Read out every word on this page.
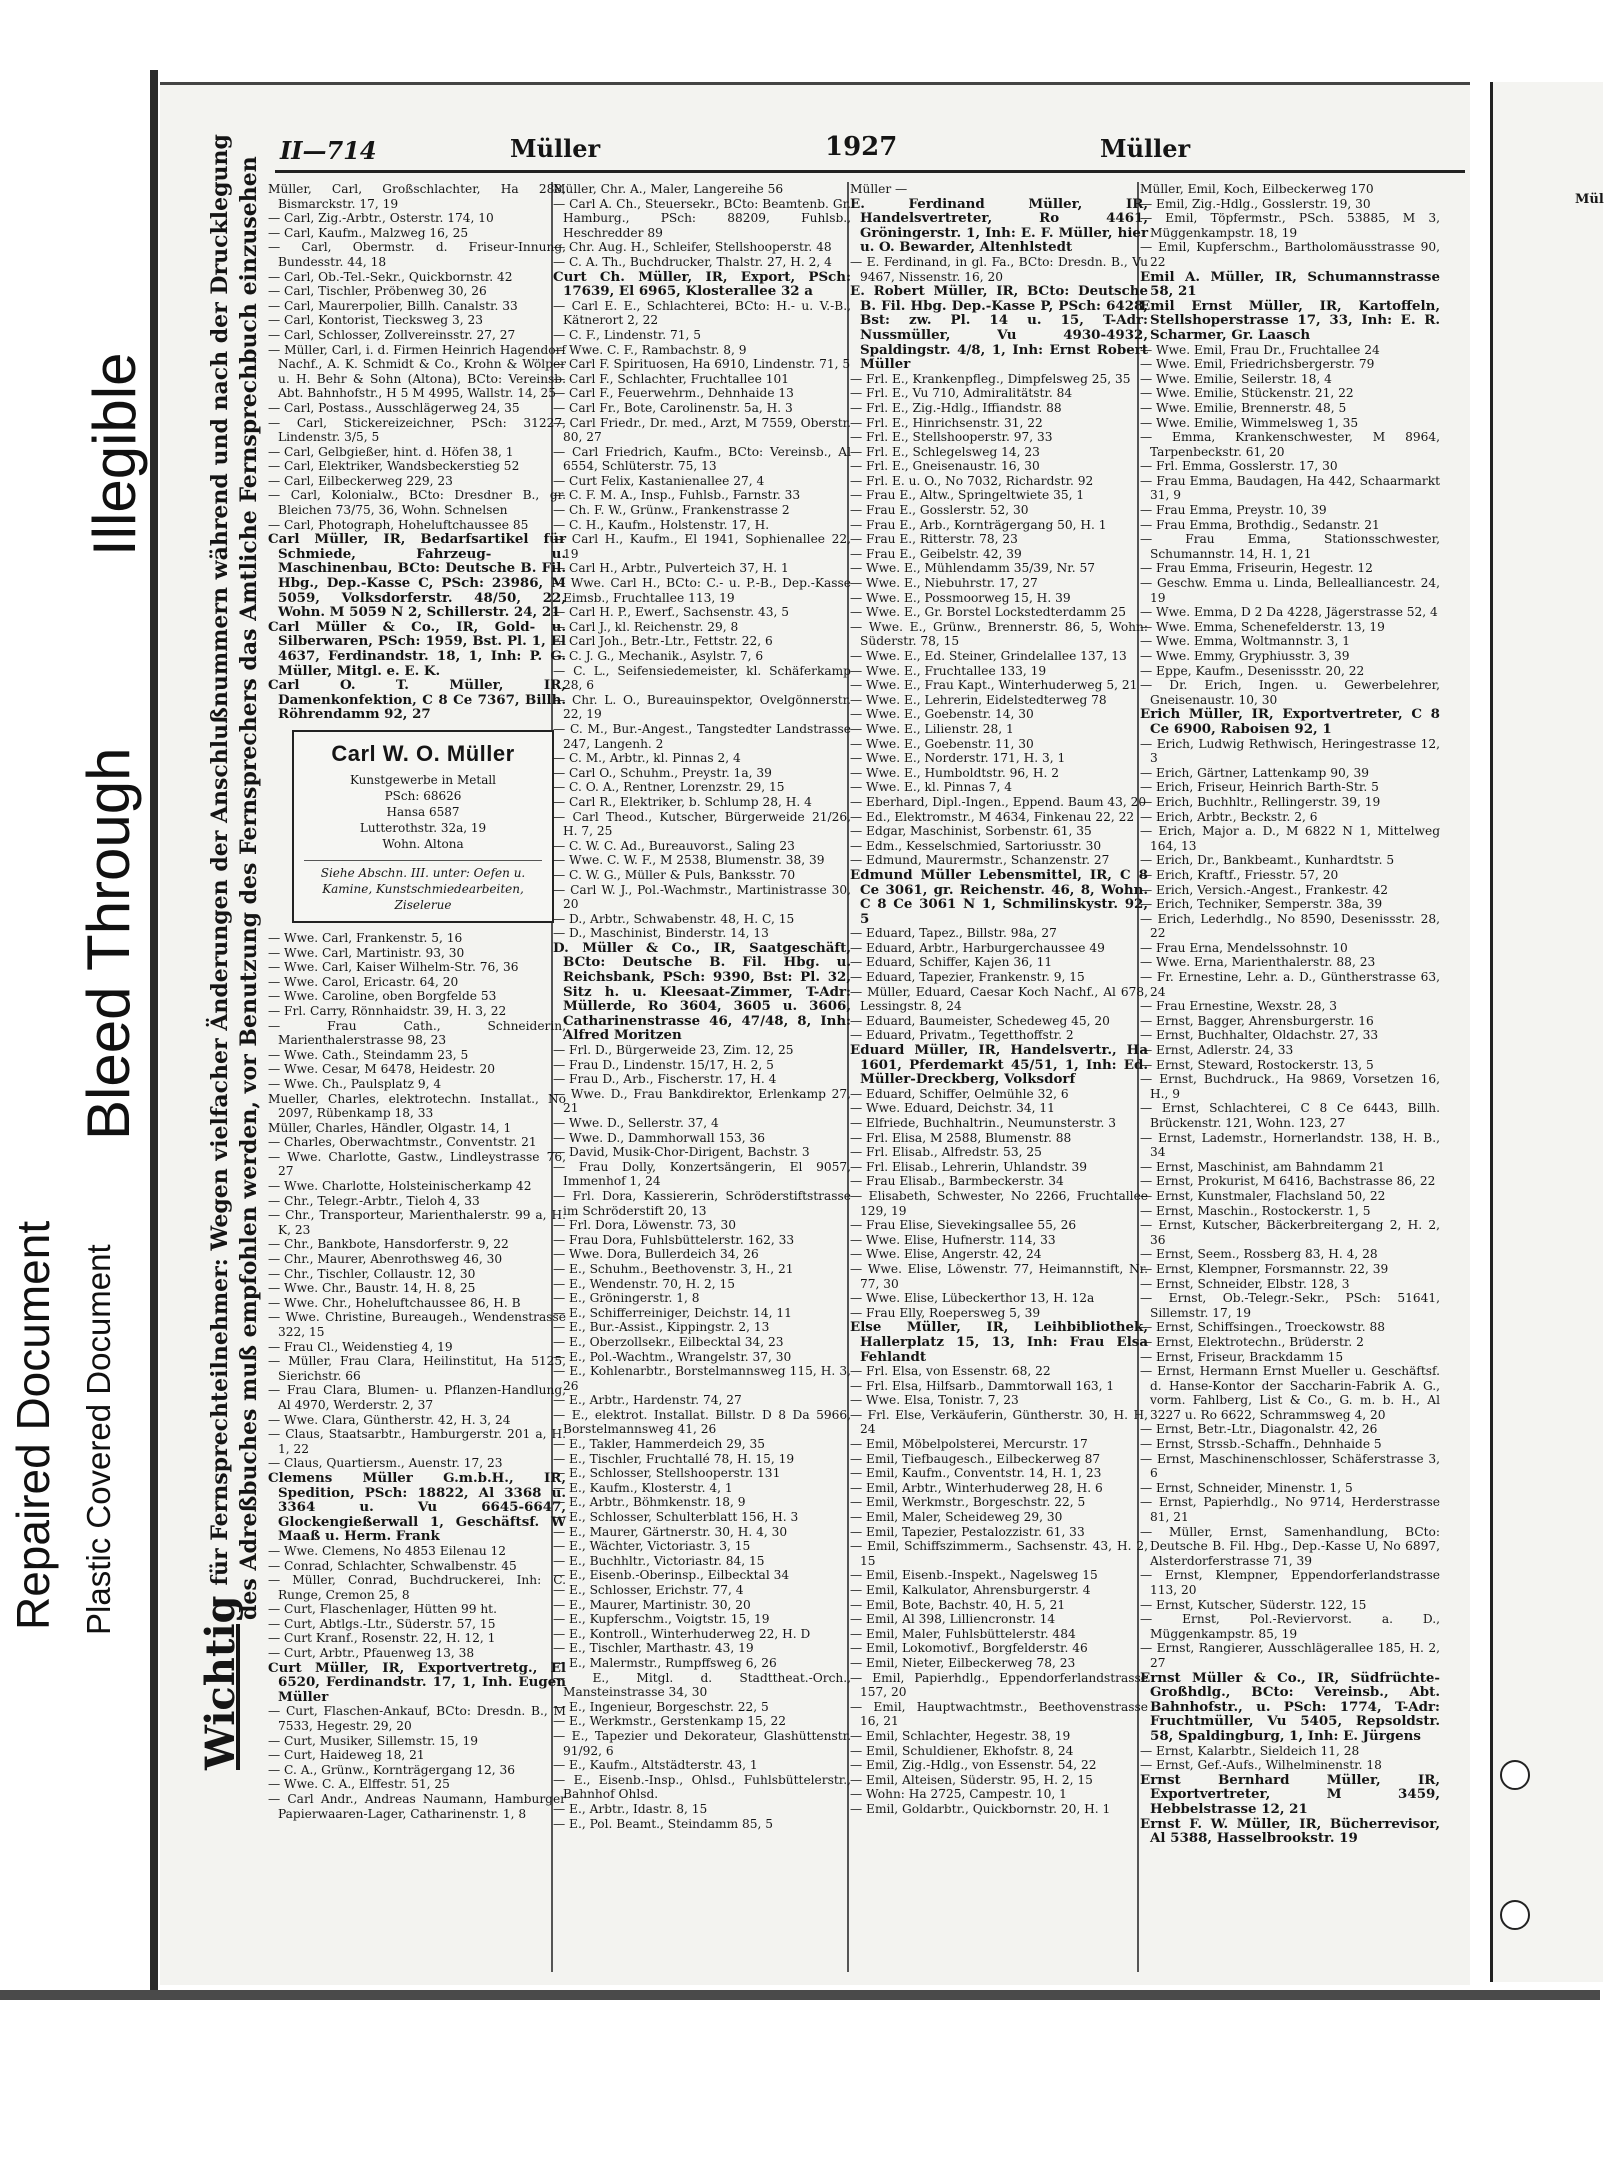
Repaired Document Plastic Covered Document
Bleed Through
Illegible
Mül
II—714	Müller	1927	Müller
Wichtigfür Fernsprechteilnehmer: Wegen vielfacher Änderungen der Anschlußnummern während und nach der Drucklegung des Adreßbuches muß empfohlen werden, vor Benutzung des Fernsprechers das Amtliche Fernsprechbuch einzusehen Müller, Carl, Großschlachter, Ha 288, Bismarckstr. 17, 19

— Carl, Zig.-Arbtr., Osterstr. 174, 10

— Carl, Kaufm., Malzweg 16, 25

— Carl, Obermstr. d. Friseur-Innung, Bundesstr. 44, 18

— Carl, Ob.-Tel.-Sekr., Quickbornstr. 42

— Carl, Tischler, Pröbenweg 30, 26

— Carl, Maurerpolier, Billh. Canalstr. 33

— Carl, Kontorist, Tiecksweg 3, 23

— Carl, Schlosser, Zollvereinsstr. 27, 27

— Müller, Carl, i. d. Firmen Heinrich Hagendorf Nachf., A. K. Schmidt & Co., Krohn & Wölper u. H. Behr & Sohn (Altona), BCto: Vereinsb. Abt. Bahnhofstr., H 5 M 4995, Wallstr. 14, 25

— Carl, Postass., Ausschlägerweg 24, 35

— Carl, Stickereizeichner, PSch: 31227, Lindenstr. 3/5, 5

— Carl, Gelbgießer, hint. d. Höfen 38, 1

— Carl, Elektriker, Wandsbeckerstieg 52

— Carl, Eilbeckerweg 229, 23

— Carl, Kolonialw., BCto: Dresdner B., gr. Bleichen 73/75, 36, Wohn. Schnelsen

— Carl, Photograph, Hoheluftchaussee 85

Carl Müller, IR, Bedarfsartikel für Schmiede, Fahrzeug- u. Maschinenbau, BCto: Deutsche B. Fil. Hbg., Dep.-Kasse C, PSch: 23986, M 5059, Volksdorferstr. 48/50, 22, Wohn. M 5059 N 2, Schillerstr. 24, 21

Carl Müller & Co., IR, Gold- u. Silberwaren, PSch: 1959, Bst. Pl. 1, El 4637, Ferdinandstr. 18, 1, Inh: P. G. Müller, Mitgl. e. E. K.

Carl O. T. Müller, IR, Damenkonfektion, C 8 Ce 7367, Billh. Röhrendamm 92, 27

Carl W. O. Müller
Kunstgewerbe in Metall
PSch: 68626
Hansa 6587
Lutterothstr. 32a, 19
Wohn. Altona
Siehe Abschn. III. unter: Oefen u. Kamine, Kunstschmiedearbeiten, Ziselerue

— Wwe. Carl, Frankenstr. 5, 16

— Wwe. Carl, Martinistr. 93, 30

— Wwe. Carl, Kaiser Wilhelm-Str. 76, 36

— Wwe. Carol, Ericastr. 64, 20

— Wwe. Caroline, oben Borgfelde 53

— Frl. Carry, Rönnhaidstr. 39, H. 3, 22

— Frau Cath., Schneiderin, Marienthalerstrasse 98, 23

— Wwe. Cath., Steindamm 23, 5

— Wwe. Cesar, M 6478, Heidestr. 20

— Wwe. Ch., Paulsplatz 9, 4

Mueller, Charles, elektrotechn. Installat., No 2097, Rübenkamp 18, 33

Müller, Charles, Händler, Olgastr. 14, 1

— Charles, Oberwachtmstr., Conventstr. 21

— Wwe. Charlotte, Gastw., Lindleystrasse 76, 27

— Wwe. Charlotte, Holsteinischerkamp 42

— Chr., Telegr.-Arbtr., Tieloh 4, 33

— Chr., Transporteur, Marienthalerstr. 99 a, H. K, 23

— Chr., Bankbote, Hansdorferstr. 9, 22

— Chr., Maurer, Abenrothsweg 46, 30

— Chr., Tischler, Collaustr. 12, 30

— Wwe. Chr., Baustr. 14, H. 8, 25

— Wwe. Chr., Hoheluftchaussee 86, H. B

— Wwe. Christine, Bureaugeh., Wendenstrasse 322, 15

— Frau Cl., Weidenstieg 4, 19

— Müller, Frau Clara, Heilinstitut, Ha 5125, Sierichstr. 66

— Frau Clara, Blumen- u. Pflanzen-Handlung, Al 4970, Werderstr. 2, 37

— Wwe. Clara, Güntherstr. 42, H. 3, 24

— Claus, Staatsarbtr., Hamburgerstr. 201 a, H. 1, 22

— Claus, Quartiersm., Auenstr. 17, 23

Clemens Müller G.m.b.H., IR, Spedition, PSch: 18822, Al 3368 u. 3364 u. Vu 6645-6647, Glockengießerwall 1, Geschäftsf. W Maaß u. Herm. Frank

— Wwe. Clemens, No 4853 Eilenau 12

— Conrad, Schlachter, Schwalbenstr. 45

— Müller, Conrad, Buchdruckerei, Inh: C. Runge, Cremon 25, 8

— Curt, Flaschenlager, Hütten 99 ht.

— Curt, Abtlgs.-Ltr., Süderstr. 57, 15

— Curt Kranf., Rosenstr. 22, H. 12, 1

— Curt, Arbtr., Pfauenweg 13, 38

Curt Müller, IR, Exportvertretg., El 6520, Ferdinandstr. 17, 1, Inh. Eugen Müller

— Curt, Flaschen-Ankauf, BCto: Dresdn. B., M 7533, Hegestr. 29, 20

— Curt, Musiker, Sillemstr. 15, 19

— Curt, Haideweg 18, 21

— C. A., Grünw., Kornträgergang 12, 36

— Wwe. C. A., Elffestr. 51, 25

— Carl Andr., Andreas Naumann, Hamburger Papierwaaren-Lager, Catharinenstr. 1, 8

Müller, Chr. A., Maler, Langereihe 56

— Carl A. Ch., Steuersekr., BCto: Beamtenb. Gr. Hamburg., PSch: 88209, Fuhlsb., Heschredder 89

— Chr. Aug. H., Schleifer, Stellshooperstr. 48

— C. A. Th., Buchdrucker, Thalstr. 27, H. 2, 4

Curt Ch. Müller, IR, Export, PSch: 17639, El 6965, Klosterallee 32 a

— Carl E. E., Schlachterei, BCto: H.- u. V.-B., Kätnerort 2, 22

— C. F., Lindenstr. 71, 5

— Wwe. C. F., Rambachstr. 8, 9

— Carl F. Spirituosen, Ha 6910, Lindenstr. 71, 5

— Carl F., Schlachter, Fruchtallee 101

— Carl F., Feuerwehrm., Dehnhaide 13

— Carl Fr., Bote, Carolinenstr. 5a, H. 3

— Carl Friedr., Dr. med., Arzt, M 7559, Oberstr. 80, 27

— Carl Friedrich, Kaufm., BCto: Vereinsb., Al 6554, Schlüterstr. 75, 13

— Curt Felix, Kastanienallee 27, 4

— C. F. M. A., Insp., Fuhlsb., Farnstr. 33

— Ch. F. W., Grünw., Frankenstrasse 2

— C. H., Kaufm., Holstenstr. 17, H.

— Carl H., Kaufm., El 1941, Sophienallee 22, 19

— Carl H., Arbtr., Pulverteich 37, H. 1

— Wwe. Carl H., BCto: C.- u. P.-B., Dep.-Kasse Eimsb., Fruchtallee 113, 19

— Carl H. P., Ewerf., Sachsenstr. 43, 5

— Carl J., kl. Reichenstr. 29, 8

— Carl Joh., Betr.-Ltr., Fettstr. 22, 6

— C. J. G., Mechanik., Asylstr. 7, 6

— C. L., Seifensiedemeister, kl. Schäferkamp 28, 6

— Chr. L. O., Bureauinspektor, Ovelgönnerstr. 22, 19

— C. M., Bur.-Angest., Tangstedter Landstrasse 247, Langenh. 2

— C. M., Arbtr., kl. Pinnas 2, 4

— Carl O., Schuhm., Preystr. 1a, 39

— C. O. A., Rentner, Lorenzstr. 29, 15

— Carl R., Elektriker, b. Schlump 28, H. 4

— Carl Theod., Kutscher, Bürgerweide 21/26, H. 7, 25

— C. W. C. Ad., Bureauvorst., Saling 23

— Wwe. C. W. F., M 2538, Blumenstr. 38, 39

— C. W. G., Müller & Puls, Banksstr. 70

— Carl W. J., Pol.-Wachmstr., Martinistrasse 30, 20

— D., Arbtr., Schwabenstr. 48, H. C, 15

— D., Maschinist, Binderstr. 14, 13

D. Müller & Co., IR, Saatgeschäft, BCto: Deutsche B. Fil. Hbg. u. Reichsbank, PSch: 9390, Bst: Pl. 32, Sitz h. u. Kleesaat-Zimmer, T-Adr: Müllerde, Ro 3604, 3605 u. 3606, Catharinenstrasse 46, 47/48, 8, Inh: Alfred Moritzen

— Frl. D., Bürgerweide 23, Zim. 12, 25

— Frau D., Lindenstr. 15/17, H. 2, 5

— Frau D., Arb., Fischerstr. 17, H. 4

— Wwe. D., Frau Bankdirektor, Erlenkamp 27, 21

— Wwe. D., Sellerstr. 37, 4

— Wwe. D., Dammhorwall 153, 36

— David, Musik-Chor-Dirigent, Bachstr. 3

— Frau Dolly, Konzertsängerin, El 9057, Immenhof 1, 24

— Frl. Dora, Kassiererin, Schröderstiftstrasse im Schröderstift 20, 13

— Frl. Dora, Löwenstr. 73, 30

— Frau Dora, Fuhlsbüttelerstr. 162, 33

— Wwe. Dora, Bullerdeich 34, 26

— E., Schuhm., Beethovenstr. 3, H., 21

— E., Wendenstr. 70, H. 2, 15

— E., Gröningerstr. 1, 8

— E., Schifferreiniger, Deichstr. 14, 11

— E., Bur.-Assist., Kippingstr. 2, 13

— E., Oberzollsekr., Eilbecktal 34, 23

— E., Pol.-Wachtm., Wrangelstr. 37, 30

— E., Kohlenarbtr., Borstelmannsweg 115, H. 3, 26

— E., Arbtr., Hardenstr. 74, 27

— E., elektrot. Installat. Billstr. D 8 Da 5966, Borstelmannsweg 41, 26

— E., Takler, Hammerdeich 29, 35

— E., Tischler, Fruchtallé 78, H. 15, 19

— E., Schlosser, Stellshooperstr. 131

— E., Kaufm., Klosterstr. 4, 1

— E., Arbtr., Böhmkenstr. 18, 9

— E., Schlosser, Schulterblatt 156, H. 3

— E., Maurer, Gärtnerstr. 30, H. 4, 30

— E., Wächter, Victoriastr. 3, 15

— E., Buchhltr., Victoriastr. 84, 15

— E., Eisenb.-Oberinsp., Eilbecktal 34

— E., Schlosser, Erichstr. 77, 4

— E., Maurer, Martinistr. 30, 20

— E., Kupferschm., Voigtstr. 15, 19

— E., Kontroll., Winterhuderweg 22, H. D

— E., Tischler, Marthastr. 43, 19

— E., Malermstr., Rumpffsweg 6, 26

— E., Mitgl. d. Stadttheat.-Orch., Mansteinstrasse 34, 30

— E., Ingenieur, Borgeschstr. 22, 5

— E., Werkmstr., Gerstenkamp 15, 22

— E., Tapezier und Dekorateur, Glashüttenstr. 91/92, 6

— E., Kaufm., Altstädterstr. 43, 1

— E., Eisenb.-Insp., Ohlsd., Fuhlsbüttelerstr., Bahnhof Ohlsd.

— E., Arbtr., Idastr. 8, 15

— E., Pol. Beamt., Steindamm 85, 5

Müller —

E. Ferdinand Müller, IR, Handelsvertreter, Ro 4461, Gröningerstr. 1, Inh: E. F. Müller, hier u. O. Bewarder, Altenhlstedt

— E. Ferdinand, in gl. Fa., BCto: Dresdn. B., Vu 9467, Nissenstr. 16, 20

E. Robert Müller, IR, BCto: Deutsche B. Fil. Hbg. Dep.-Kasse P, PSch: 6428, Bst: zw. Pl. 14 u. 15, T-Adr: Nussmüller, Vu 4930-4932, Spaldingstr. 4/8, 1, Inh: Ernst Robert Müller

— Frl. E., Krankenpfleg., Dimpfelsweg 25, 35

— Frl. E., Vu 710, Admiralitätstr. 84

— Frl. E., Zig.-Hdlg., Iffiandstr. 88

— Frl. E., Hinrichsenstr. 31, 22

— Frl. E., Stellshooperstr. 97, 33

— Frl. E., Schlegelsweg 14, 23

— Frl. E., Gneisenaustr. 16, 30

— Frl. E. u. O., No 7032, Richardstr. 92

— Frau E., Altw., Springeltwiete 35, 1

— Frau E., Gosslerstr. 52, 30

— Frau E., Arb., Kornträgergang 50, H. 1

— Frau E., Ritterstr. 78, 23

— Frau E., Geibelstr. 42, 39

— Wwe. E., Mühlendamm 35/39, Nr. 57

— Wwe. E., Niebuhrstr. 17, 27

— Wwe. E., Possmoorweg 15, H. 39

— Wwe. E., Gr. Borstel Lockstedterdamm 25

— Wwe. E., Grünw., Brennerstr. 86, 5, Wohn: Süderstr. 78, 15

— Wwe. E., Ed. Steiner, Grindelallee 137, 13

— Wwe. E., Fruchtallee 133, 19

— Wwe. E., Frau Kapt., Winterhuderweg 5, 21

— Wwe. E., Lehrerin, Eidelstedterweg 78

— Wwe. E., Goebenstr. 14, 30

— Wwe. E., Lilienstr. 28, 1

— Wwe. E., Goebenstr. 11, 30

— Wwe. E., Norderstr. 171, H. 3, 1

— Wwe. E., Humboldtstr. 96, H. 2

— Wwe. E., kl. Pinnas 7, 4

— Eberhard, Dipl.-Ingen., Eppend. Baum 43, 20

— Ed., Elektromstr., M 4634, Finkenau 22, 22

— Edgar, Maschinist, Sorbenstr. 61, 35

— Edm., Kesselschmied, Sartoriusstr. 30

— Edmund, Maurermstr., Schanzenstr. 27

Edmund Müller Lebensmittel, IR, C 8 Ce 3061, gr. Reichenstr. 46, 8, Wohn. C 8 Ce 3061 N 1, Schmilinskystr. 92, 5

— Eduard, Tapez., Billstr. 98a, 27

— Eduard, Arbtr., Harburgerchaussee 49

— Eduard, Schiffer, Kajen 36, 11

— Eduard, Tapezier, Frankenstr. 9, 15

— Müller, Eduard, Caesar Koch Nachf., Al 678, Lessingstr. 8, 24

— Eduard, Baumeister, Schedeweg 45, 20

— Eduard, Privatm., Tegetthoffstr. 2

Eduard Müller, IR, Handelsvertr., Ha 1601, Pferdemarkt 45/51, 1, Inh: Ed. Müller-Dreckberg, Volksdorf

— Eduard, Schiffer, Oelmühle 32, 6

— Wwe. Eduard, Deichstr. 34, 11

— Elfriede, Buchhaltrin., Neumunsterstr. 3

— Frl. Elisa, M 2588, Blumenstr. 88

— Frl. Elisab., Alfredstr. 53, 25

— Frl. Elisab., Lehrerin, Uhlandstr. 39

— Frau Elisab., Barmbeckerstr. 34

— Elisabeth, Schwester, No 2266, Fruchtallee 129, 19

— Frau Elise, Sievekingsallee 55, 26

— Wwe. Elise, Hufnerstr. 114, 33

— Wwe. Elise, Angerstr. 42, 24

— Wwe. Elise, Löwenstr. 77, Heimannstift, Nr. 77, 30

— Wwe. Elise, Lübeckerthor 13, H. 12a

— Frau Elly, Roepersweg 5, 39

Else Müller, IR, Leihbibliothek, Hallerplatz 15, 13, Inh: Frau Elsa Fehlandt

— Frl. Elsa, von Essenstr. 68, 22

— Frl. Elsa, Hilfsarb., Dammtorwall 163, 1

— Wwe. Elsa, Tonistr. 7, 23

— Frl. Else, Verkäuferin, Güntherstr. 30, H. H, 24

— Emil, Möbelpolsterei, Mercurstr. 17

— Emil, Tiefbaugesch., Eilbeckerweg 87

— Emil, Kaufm., Conventstr. 14, H. 1, 23

— Emil, Arbtr., Winterhuderweg 28, H. 6

— Emil, Werkmstr., Borgeschstr. 22, 5

— Emil, Maler, Scheideweg 29, 30

— Emil, Tapezier, Pestalozzistr. 61, 33

— Emil, Schiffszimmerm., Sachsenstr. 43, H. 2, 15

— Emil, Eisenb.-Inspekt., Nagelsweg 15

— Emil, Kalkulator, Ahrensburgerstr. 4

— Emil, Bote, Bachstr. 40, H. 5, 21

— Emil, Al 398, Lilliencronstr. 14

— Emil, Maler, Fuhlsbüttelerstr. 484

— Emil, Lokomotivf., Borgfelderstr. 46

— Emil, Nieter, Eilbeckerweg 78, 23

— Emil, Papierhdlg., Eppendorferlandstrasse 157, 20

— Emil, Hauptwachtmstr., Beethovenstrasse 16, 21

— Emil, Schlachter, Hegestr. 38, 19

— Emil, Schuldiener, Ekhofstr. 8, 24

— Emil, Zig.-Hdlg., von Essenstr. 54, 22

— Emil, Alteisen, Süderstr. 95, H. 2, 15

— Wohn: Ha 2725, Campestr. 10, 1

— Emil, Goldarbtr., Quickbornstr. 20, H. 1

Müller, Emil, Koch, Eilbeckerweg 170

— Emil, Zig.-Hdlg., Gosslerstr. 19, 30

— Emil, Töpfermstr., PSch. 53885, M 3, Müggenkampstr. 18, 19

— Emil, Kupferschm., Bartholomäusstrasse 90, 22

Emil A. Müller, IR, Schumannstrasse 58, 21

Emil Ernst Müller, IR, Kartoffeln, Stellshoperstrasse 17, 33, Inh: E. R. Scharmer, Gr. Laasch

— Wwe. Emil, Frau Dr., Fruchtallee 24

— Wwe. Emil, Friedrichsbergerstr. 79

— Wwe. Emilie, Seilerstr. 18, 4

— Wwe. Emilie, Stückenstr. 21, 22

— Wwe. Emilie, Brennerstr. 48, 5

— Wwe. Emilie, Wimmelsweg 1, 35

— Emma, Krankenschwester, M 8964, Tarpenbeckstr. 61, 20

— Frl. Emma, Gosslerstr. 17, 30

— Frau Emma, Baudagen, Ha 442, Schaarmarkt 31, 9

— Frau Emma, Preystr. 10, 39

— Frau Emma, Brothdig., Sedanstr. 21

— Frau Emma, Stationsschwester, Schumannstr. 14, H. 1, 21

— Frau Emma, Friseurin, Hegestr. 12

— Geschw. Emma u. Linda, Bellealliancestr. 24, 19

— Wwe. Emma, D 2 Da 4228, Jägerstrasse 52, 4

— Wwe. Emma, Schenefelderstr. 13, 19

— Wwe. Emma, Woltmannstr. 3, 1

— Wwe. Emmy, Gryphiusstr. 3, 39

— Eppe, Kaufm., Desenissstr. 20, 22

— Dr. Erich, Ingen. u. Gewerbelehrer, Gneisenaustr. 10, 30

Erich Müller, IR, Exportvertreter, C 8 Ce 6900, Raboisen 92, 1

— Erich, Ludwig Rethwisch, Heringestrasse 12, 3

— Erich, Gärtner, Lattenkamp 90, 39

— Erich, Friseur, Heinrich Barth-Str. 5

— Erich, Buchhltr., Rellingerstr. 39, 19

— Erich, Arbtr., Beckstr. 2, 6

— Erich, Major a. D., M 6822 N 1, Mittelweg 164, 13

— Erich, Dr., Bankbeamt., Kunhardtstr. 5

— Erich, Kraftf., Friesstr. 57, 20

— Erich, Versich.-Angest., Frankestr. 42

— Erich, Techniker, Semperstr. 38a, 39

— Erich, Lederhdlg., No 8590, Desenissstr. 28, 22

— Frau Erna, Mendelssohnstr. 10

— Wwe. Erna, Marienthalerstr. 88, 23

— Fr. Ernestine, Lehr. a. D., Güntherstrasse 63, 24

— Frau Ernestine, Wexstr. 28, 3

— Ernst, Bagger, Ahrensburgerstr. 16

— Ernst, Buchhalter, Oldachstr. 27, 33

— Ernst, Adlerstr. 24, 33

— Ernst, Steward, Rostockerstr. 13, 5

— Ernst, Buchdruck., Ha 9869, Vorsetzen 16, H., 9

— Ernst, Schlachterei, C 8 Ce 6443, Billh. Brückenstr. 121, Wohn. 123, 27

— Ernst, Lademstr., Hornerlandstr. 138, H. B., 34

— Ernst, Maschinist, am Bahndamm 21

— Ernst, Prokurist, M 6416, Bachstrasse 86, 22

— Ernst, Kunstmaler, Flachsland 50, 22

— Ernst, Maschin., Rostockerstr. 1, 5

— Ernst, Kutscher, Bäckerbreitergang 2, H. 2, 36

— Ernst, Seem., Rossberg 83, H. 4, 28

— Ernst, Klempner, Forsmannstr. 22, 39

— Ernst, Schneider, Elbstr. 128, 3

— Ernst, Ob.-Telegr.-Sekr., PSch: 51641, Sillemstr. 17, 19

— Ernst, Schiffsingen., Troeckowstr. 88

— Ernst, Elektrotechn., Brüderstr. 2

— Ernst, Friseur, Brackdamm 15

— Ernst, Hermann Ernst Mueller u. Geschäftsf. d. Hanse-Kontor der Saccharin-Fabrik A. G., vorm. Fahlberg, List & Co., G. m. b. H., Al 3227 u. Ro 6622, Schrammsweg 4, 20

— Ernst, Betr.-Ltr., Diagonalstr. 42, 26

— Ernst, Strssb.-Schaffn., Dehnhaide 5

— Ernst, Maschinenschlosser, Schäferstrasse 3, 6

— Ernst, Schneider, Minenstr. 1, 5

— Ernst, Papierhdlg., No 9714, Herderstrasse 81, 21

— Müller, Ernst, Samenhandlung, BCto: Deutsche B. Fil. Hbg., Dep.-Kasse U, No 6897, Alsterdorferstrasse 71, 39

— Ernst, Klempner, Eppendorferlandstrasse 113, 20

— Ernst, Kutscher, Süderstr. 122, 15

— Ernst, Pol.-Reviervorst. a. D., Müggenkampstr. 85, 19

— Ernst, Rangierer, Ausschlägerallee 185, H. 2, 27

Ernst Müller & Co., IR, Südfrüchte-Großhdlg., BCto: Vereinsb., Abt. Bahnhofstr., u. PSch: 1774, T-Adr: Fruchtmüller, Vu 5405, Repsoldstr. 58, Spaldingburg, 1, Inh: E. Jürgens

— Ernst, Kalarbtr., Sieldeich 11, 28

— Ernst, Gef.-Aufs., Wilhelminenstr. 18

Ernst Bernhard Müller, IR, Exportvertreter, M 3459, Hebbelstrasse 12, 21

Ernst F. W. Müller, IR, Bücherrevisor, Al 5388, Hasselbrookstr. 19
